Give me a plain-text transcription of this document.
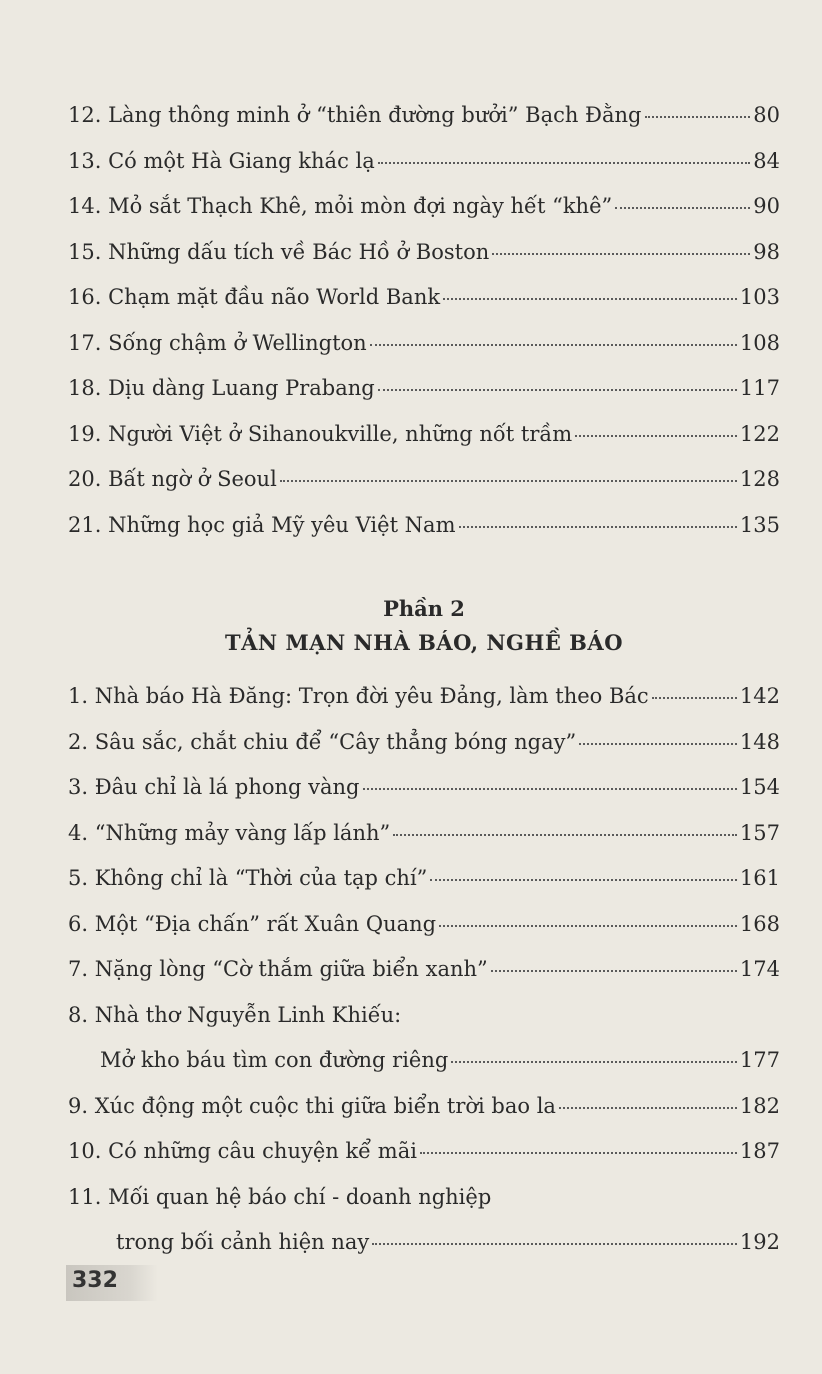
12. Làng thông minh ở “thiên đường bưởi” Bạch Đằng	80
13. Có một Hà Giang khác lạ	84
14. Mỏ sắt Thạch Khê, mỏi mòn đợi ngày hết “khê”	90
15. Những dấu tích về Bác Hồ ở Boston	98
16. Chạm mặt đầu não World Bank	103
17. Sống chậm ở Wellington	108
18. Dịu dàng Luang Prabang	117
19. Người Việt ở Sihanoukville, những nốt trầm	122
20. Bất ngờ ở Seoul	128
21. Những học giả Mỹ yêu Việt Nam	135
Phần 2
TẢN MẠN NHÀ BÁO, NGHỀ BÁO
1. Nhà báo Hà Đăng: Trọn đời yêu Đảng, làm theo Bác	142
2. Sâu sắc, chắt chiu để “Cây thẳng bóng ngay”	148
3. Đâu chỉ là lá phong vàng	154
4. “Những mảy vàng lấp lánh”	157
5. Không chỉ là “Thời của tạp chí”	161
6. Một “Địa chấn” rất Xuân Quang	168
7. Nặng lòng “Cờ thắm giữa biển xanh”	174
8. Nhà thơ Nguyễn Linh Khiếu:
Mở kho báu tìm con đường riêng	177
9. Xúc động một cuộc thi giữa biển trời bao la	182
10. Có những câu chuyện kể mãi	187
11. Mối quan hệ báo chí - doanh nghiệp
trong bối cảnh hiện nay	192
332
